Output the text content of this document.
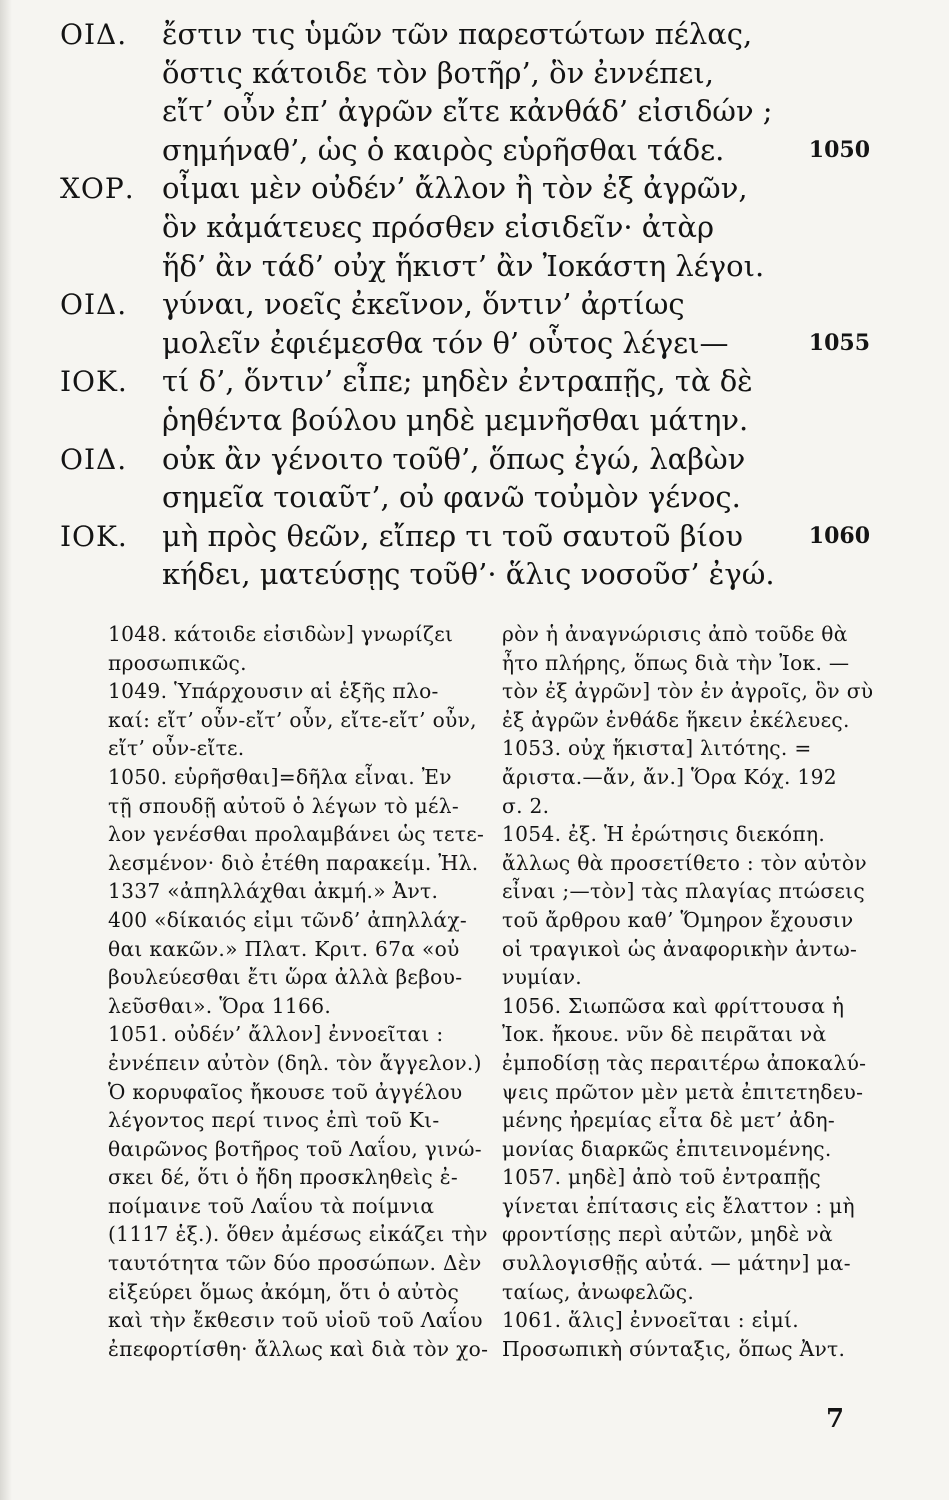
ΟΙΔ. ἔστιν τις ὑμῶν τῶν παρεστώτων πέλας,
ὅστις κάτοιδε τὸν βοτῆρ’, ὃν ἐννέπει,
εἴτ’ οὖν ἐπ’ ἀγρῶν εἴτε κἀνθάδ’ εἰσιδών ;
σημήναθ’, ὡς ὁ καιρὸς εὑρῆσθαι τάδε.	1050
ΧΟΡ. οἶμαι μὲν οὐδέν’ ἄλλον ἢ τὸν ἐξ ἀγρῶν,
ὃν κἀμάτευες πρόσθεν εἰσιδεῖν· ἀτὰρ
ἥδ’ ἂν τάδ’ οὐχ ἥκιστ’ ἂν Ἰοκάστη λέγοι.
ΟΙΔ. γύναι, νοεῖς ἐκεῖνον, ὅντιν’ ἀρτίως
μολεῖν ἐφιέμεσθα τόν θ’ οὗτος λέγει—	1055
ΙΟΚ. τί δ’, ὅντιν’ εἶπε; μηδὲν ἐντραπῇς, τὰ δὲ
ῥηθέντα βούλου μηδὲ μεμνῆσθαι μάτην.
ΟΙΔ. οὐκ ἂν γένοιτο τοῦθ’, ὅπως ἐγώ, λαβὼν
σημεῖα τοιαῦτ’, οὐ φανῶ τοὐμὸν γένος.
ΙΟΚ. μὴ πρὸς θεῶν, εἴπερ τι τοῦ σαυτοῦ βίου	1060
κήδει, ματεύσῃς τοῦθ’· ἅλις νοσοῦσ’ ἐγώ.
1048. κάτοιδε εἰσιδὼν] γνωρίζει
προσωπικῶς.
1049. Ὑπάρχουσιν αἱ ἑξῆς πλο-
καί: εἴτ’ οὖν-εἴτ’ οὖν, εἴτε-εἴτ’ οὖν,
εἴτ’ οὖν-εἴτε.
1050. εὑρῆσθαι]=δῆλα εἶναι. Ἐν
τῇ σπουδῇ αὐτοῦ ὁ λέγων τὸ μέλ-
λον γενέσθαι προλαμβάνει ὡς τετε-
λεσμένον· διὸ ἐτέθη παρακείμ. Ἠλ.
1337 «ἀπηλλάχθαι ἀκμή.» Ἀντ.
400 «δίκαιός εἰμι τῶνδ’ ἀπηλλάχ-
θαι κακῶν.» Πλατ. Κριτ. 67α «οὐ
βουλεύεσθαι ἔτι ὥρα ἀλλὰ βεβου-
λεῦσθαι». Ὅρα 1166.
1051. οὐδέν’ ἄλλον] ἐννοεῖται :
ἐννέπειν αὐτὸν (δηλ. τὸν ἄγγελον.)
Ὁ κορυφαῖος ἤκουσε τοῦ ἀγγέλου
λέγοντος περί τινος ἐπὶ τοῦ Κι-
θαιρῶνος βοτῆρος τοῦ Λαΐου, γινώ-
σκει δέ, ὅτι ὁ ἤδη προσκληθεὶς ἐ-
ποίμαινε τοῦ Λαΐου τὰ ποίμνια
(1117 ἑξ.). ὅθεν ἀμέσως εἰκάζει τὴν
ταυτότητα τῶν δύο προσώπων. Δὲν
εἰξεύρει ὅμως ἀκόμη, ὅτι ὁ αὐτὸς
καὶ τὴν ἔκθεσιν τοῦ υἱοῦ τοῦ Λαΐου
ἐπεφορτίσθη· ἄλλως καὶ διὰ τὸν χο-
ρὸν ἡ ἀναγνώρισις ἀπὸ τοῦδε θὰ
ἦτο πλήρης, ὅπως διὰ τὴν Ἰοκ. —
τὸν ἐξ ἀγρῶν] τὸν ἐν ἀγροῖς, ὃν σὺ
ἐξ ἀγρῶν ἐνθάδε ἥκειν ἐκέλευες.
1053. οὐχ ἥκιστα] λιτότης. =
ἄριστα.—ἄν, ἄν.] Ὅρα Κόχ. 192
σ. 2.
1054. ἐξ. Ἡ ἐρώτησις διεκόπη.
ἄλλως θὰ προσετίθετο : τὸν αὐτὸν
εἶναι ;—τὸν] τὰς πλαγίας πτώσεις
τοῦ ἄρθρου καθ’ Ὅμηρον ἔχουσιν
οἱ τραγικοὶ ὡς ἀναφορικὴν ἀντω-
νυμίαν.
1056. Σιωπῶσα καὶ φρίττουσα ἡ
Ἰοκ. ἤκουε. νῦν δὲ πειρᾶται νὰ
ἐμποδίσῃ τὰς περαιτέρω ἀποκαλύ-
ψεις πρῶτον μὲν μετὰ ἐπιτετηδευ-
μένης ἠρεμίας εἶτα δὲ μετ’ ἀδη-
μονίας διαρκῶς ἐπιτεινομένης.
1057. μηδὲ] ἀπὸ τοῦ ἐντραπῇς
γίνεται ἐπίτασις εἰς ἔλαττον : μὴ
φροντίσῃς περὶ αὐτῶν, μηδὲ νὰ
συλλογισθῇς αὐτά. — μάτην] μα-
ταίως, ἀνωφελῶς.
1061. ἅλις] ἐννοεῖται : εἰμί.
Προσωπικὴ σύνταξις, ὅπως Ἀντ.
7
